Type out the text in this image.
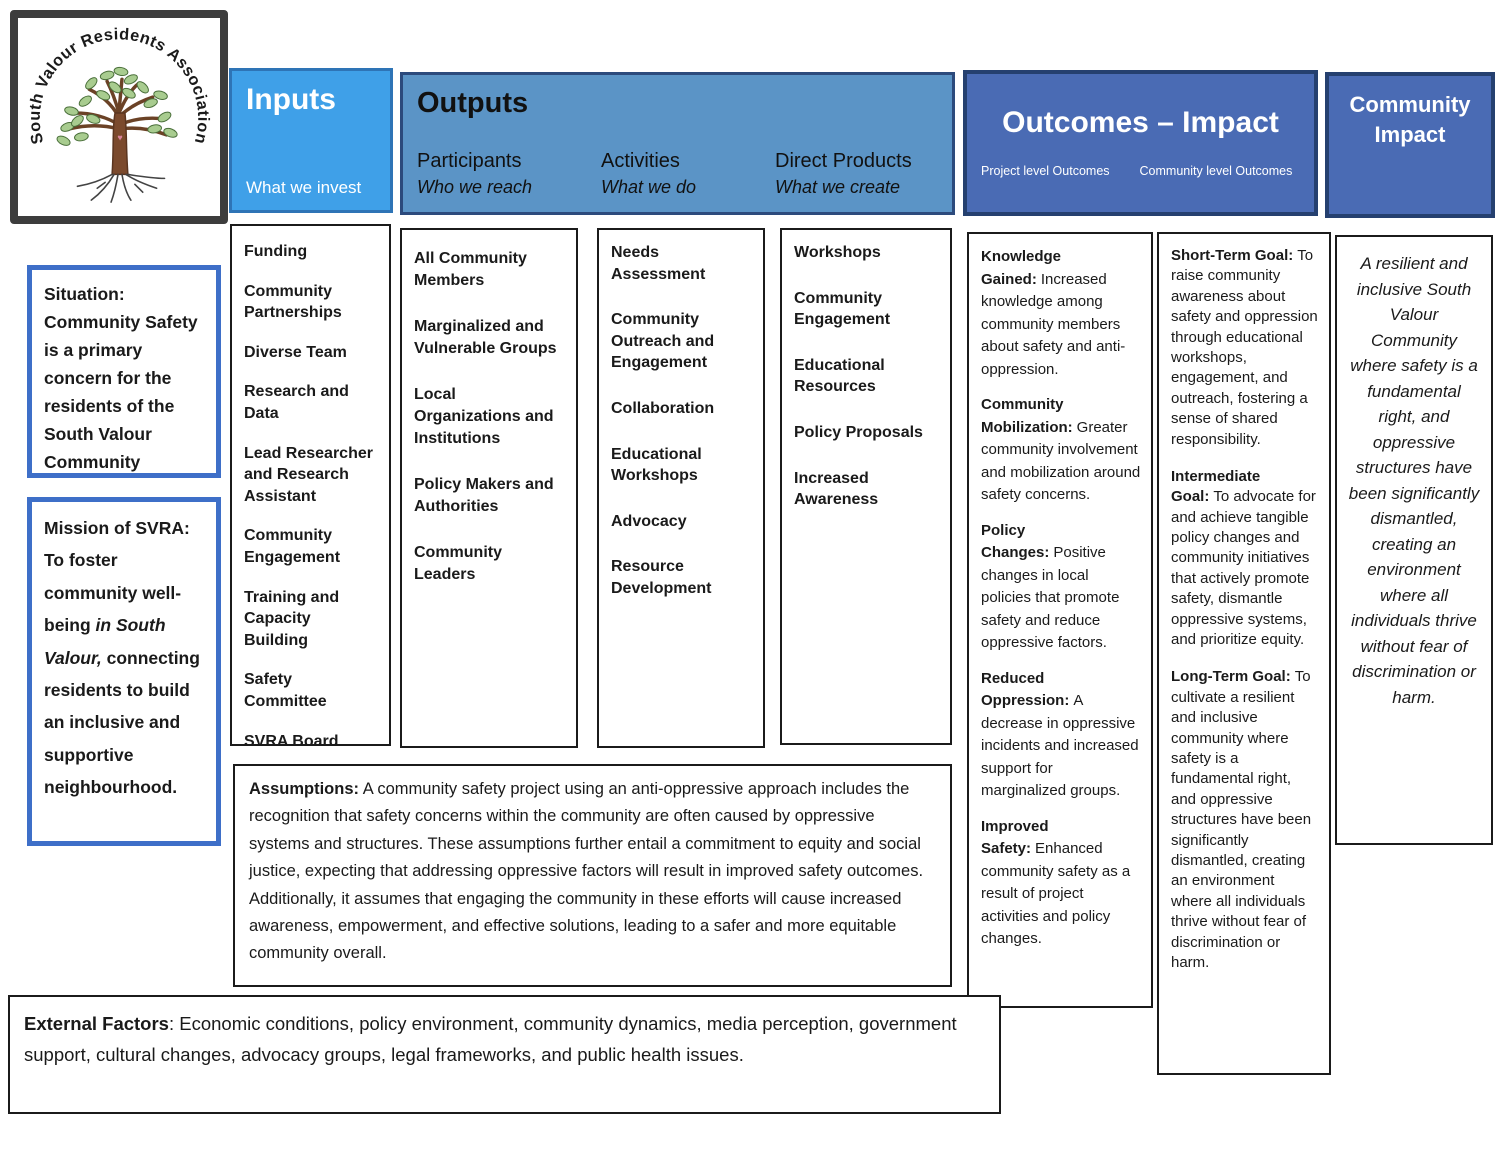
South Valour Residents Association
♥
Inputs
What we invest
Outputs
Participants
Who we reach
Activities
What we do
Direct Products
What we create
Outcomes – Impact
Project level Outcomes Community level Outcomes
Community Impact
Situation:
Community Safety is a primary concern for the residents of the South Valour Community
Mission of SVRA:
To foster community well-being in South Valour, connecting residents to build an inclusive and supportive neighbourhood.
Funding
Community Partnerships
Diverse Team
Research and Data
Lead Researcher and Research Assistant
Community Engagement
Training and Capacity Building
Safety Committee
SVRA Board
All Community Members
Marginalized and Vulnerable Groups
Local Organizations and Institutions
Policy Makers and Authorities
Community Leaders
Needs Assessment
Community Outreach and Engagement
Collaboration
Educational Workshops
Advocacy
Resource Development
Workshops
Community Engagement
Educational Resources
Policy Proposals
Increased Awareness

Knowledge Gained: Increased knowledge among community members about safety and anti-oppression.

Community Mobilization: Greater community involvement and mobilization around safety concerns.

Policy Changes: Positive changes in local policies that promote safety and reduce oppressive factors.

Reduced Oppression: A decrease in oppressive incidents and increased support for marginalized groups.

Improved Safety: Enhanced community safety as a result of project activities and policy changes.

Short-Term Goal: To raise community awareness about safety and oppression through educational workshops, engagement, and outreach, fostering a sense of shared responsibility.

Intermediate Goal: To advocate for and achieve tangible policy changes and community initiatives that actively promote safety, dismantle oppressive systems, and prioritize equity.

Long-Term Goal: To cultivate a resilient and inclusive community where safety is a fundamental right, and oppressive structures have been significantly dismantled, creating an environment where all individuals thrive without fear of discrimination or harm.

A resilient and inclusive South Valour Community where safety is a fundamental right, and oppressive structures have been significantly dismantled, creating an environment where all individuals thrive without fear of discrimination or harm.
Assumptions: A community safety project using an anti-oppressive approach includes the recognition that safety concerns within the community are often caused by oppressive systems and structures. These assumptions further entail a commitment to equity and social justice, expecting that addressing oppressive factors will result in improved safety outcomes. Additionally, it assumes that engaging the community in these efforts will cause increased awareness, empowerment, and effective solutions, leading to a safer and more equitable community overall.
External Factors: Economic conditions, policy environment, community dynamics, media perception, government support, cultural changes, advocacy groups, legal frameworks, and public health issues.
